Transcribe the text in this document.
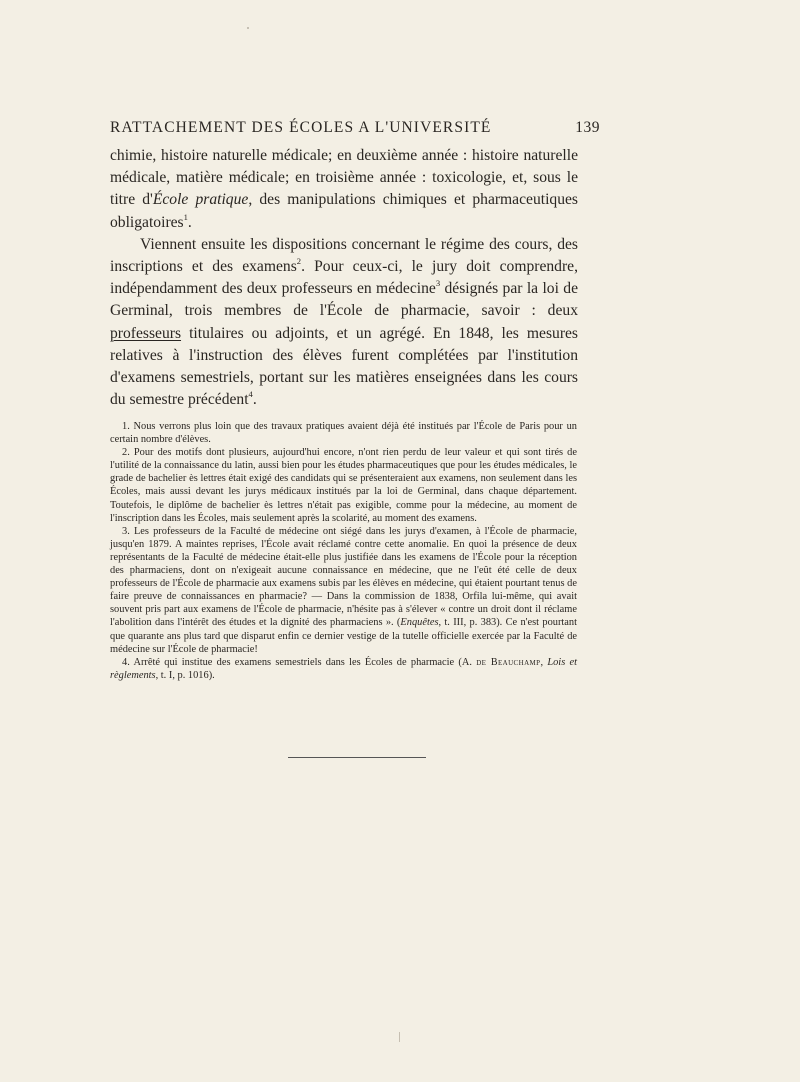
RATTACHEMENT DES ÉCOLES A L'UNIVERSITÉ	139

chimie, histoire naturelle médicale; en deuxième année : histoire naturelle médicale, matière médicale; en troisième année : toxicologie, et, sous le titre d'École pratique, des manipulations chimiques et pharmaceutiques obligatoires$^1$.

Viennent ensuite les dispositions concernant le régime des cours, des inscriptions et des examens$^2$. Pour ceux-ci, le jury doit comprendre, indépendamment des deux professeurs en médecine$^3$ désignés par la loi de Germinal, trois membres de l'École de pharmacie, savoir : deux professeurs titulaires ou adjoints, et un agrégé. En 1848, les mesures relatives à l'instruction des élèves furent complétées par l'institution d'examens semestriels, portant sur les matières enseignées dans les cours du semestre précédent$^4$.

1. Nous verrons plus loin que des travaux pratiques avaient déjà été institués par l'École de Paris pour un certain nombre d'élèves.

2. Pour des motifs dont plusieurs, aujourd'hui encore, n'ont rien perdu de leur valeur et qui sont tirés de l'utilité de la connaissance du latin, aussi bien pour les études pharmaceutiques que pour les études médicales, le grade de bachelier ès lettres était exigé des candidats qui se présenteraient aux examens, non seulement dans les Écoles, mais aussi devant les jurys médicaux institués par la loi de Germinal, dans chaque département. Toutefois, le diplôme de bachelier ès lettres n'était pas exigible, comme pour la médecine, au moment de l'inscription dans les Écoles, mais seulement après la scolarité, au moment des examens.

3. Les professeurs de la Faculté de médecine ont siégé dans les jurys d'examen, à l'École de pharmacie, jusqu'en 1879. A maintes reprises, l'École avait réclamé contre cette anomalie. En quoi la présence de deux représentants de la Faculté de médecine était-elle plus justifiée dans les examens de l'École pour la réception des pharmaciens, dont on n'exigeait aucune connaissance en médecine, que ne l'eût été celle de deux professeurs de l'École de pharmacie aux examens subis par les élèves en médecine, qui étaient pourtant tenus de faire preuve de connaissances en pharmacie? — Dans la commission de 1838, Orfila lui-même, qui avait souvent pris part aux examens de l'École de pharmacie, n'hésite pas à s'élever « contre un droit dont il réclame l'abolition dans l'intérêt des études et la dignité des pharmaciens ». (Enquêtes, t. III, p. 383). Ce n'est pourtant que quarante ans plus tard que disparut enfin ce dernier vestige de la tutelle officielle exercée par la Faculté de médecine sur l'École de pharmacie!

4. Arrêté qui institue des examens semestriels dans les Écoles de pharmacie (A. de Beauchamp, Lois et règlements, t. I, p. 1016).
